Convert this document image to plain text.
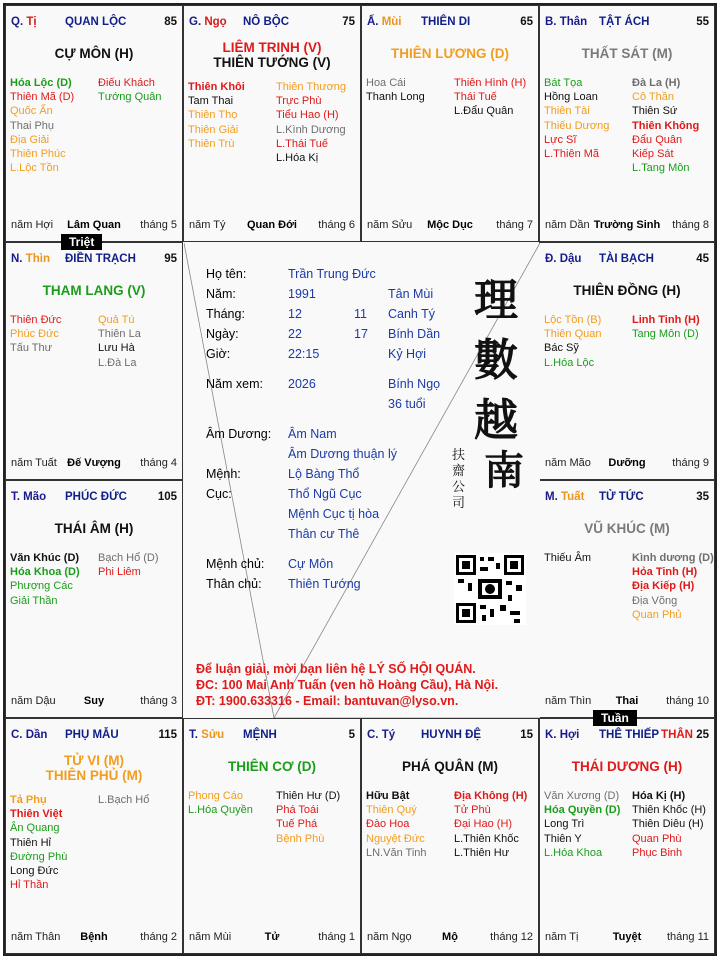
Q. Tị QUAN LỘC	85
CỰ MÔN (H)
Hóa Lộc (D)
Thiên Mã (D)
Quốc Ấn
Thai Phụ
Địa Giải
Thiên Phúc
L.Lộc Tồn
Điếu Khách
Tướng Quân
năm Hợi Lâm Quan tháng 5
G. Ngọ NÔ BỘC	75
LIÊM TRINH (V)
THIÊN TƯỚNG (V)
Thiên Khôi
Tam Thai
Thiên Thọ
Thiên Giải
Thiên Trù
Thiên Thương
Trực Phù
Tiểu Hao (H)
L.Kình Dương
L.Thái Tuế
L.Hóa Kị
năm Tý Quan Đới tháng 6
Ấ. Mùi THIÊN DI	65
THIÊN LƯƠNG (D)
Hoa Cái
Thanh Long
Thiên Hình (H)
Thái Tuế
L.Đẩu Quân
năm Sửu Mộc Dục tháng 7
B. Thân TẬT ÁCH	55
THẤT SÁT (M)
Bát Tọa
Hồng Loan
Thiên Tài
Thiếu Dương
Lực Sĩ
L.Thiên Mã
Đà La (H)
Cô Thần
Thiên Sứ
Thiên Không
Đẩu Quân
Kiếp Sát
L.Tang Môn
năm Dần Trường Sinh tháng 8
N. Thìn ĐIỀN TRẠCH 95
THAM LANG (V)
Thiên Đức
Phúc Đức
Tấu Thư
Quả Tú
Thiên La
Lưu Hà
L.Đà La
năm Tuất Đế Vượng tháng 4
T. Mão PHÚC ĐỨC	105
THÁI ÂM (H)
Văn Khúc (D)
Hóa Khoa (D)
Phượng Các
Giải Thần
Bạch Hổ (D)
Phi Liêm
năm Dậu	Suy	tháng 3
Đ. Dậu TÀI BẠCH	45
THIÊN ĐỒNG (H)
Lộc Tồn (B)
Thiên Quan
Bác Sỹ
L.Hóa Lộc
Linh Tinh (H)
Tang Môn (D)
năm Mão Dưỡng tháng 9
M. Tuất TỬ TỨC	35
VŨ KHÚC (M)
Thiếu Âm	Kình dương (D)
Hỏa Tinh (H)
Địa Kiếp (H)
Địa Võng
Quan Phủ
năm Thìn Thai	tháng 10
C. Dần PHỤ MẪU	115
TỬ VI (M)
THIÊN PHỦ (M)
Tả Phụ
Thiên Việt
Ân Quang
Thiên Hỉ
Đường Phù
Long Đức
Hỉ Thần
L.Bạch Hổ
năm Thân Bệnh	tháng 2
T. Sửu MỆNH	5
THIÊN CƠ (D)
Phong Cáo
L.Hóa Quyền
Thiên Hư (D)
Phá Toái
Tuế Phá
Bệnh Phù
năm Mùi	Tử	tháng 1
C. Tý HUYNH ĐỆ	15
PHÁ QUÂN (M)
Hữu Bật
Thiên Quý
Đào Hoa
Nguyệt Đức
LN.Văn Tinh
Địa Không (H)
Tử Phù
Đại Hao (H)
L.Thiên Khốc
L.Thiên Hư
năm Ngọ	Mộ	tháng 12
K. Hợi THÊ THIẾP	25
THÂN
THÁI DƯƠNG (H)
Văn Xương (D)
Hóa Quyền (D)
Long Trì
Thiên Y
L.Hóa Khoa
Hóa Kị (H)
Thiên Khốc (H)
Thiên Diêu (H)
Quan Phù
Phục Binh
năm Tị	Tuyệt tháng 11
Họ tên:	Trần Trung Đức
Năm:	1991	Tân Mùi
Tháng:	12	11 Canh Tý
Ngày:	22	17 Bính Dần
Giờ:	22:15	Kỷ Hợi
Năm xem: 2026	Bính Ngọ
36 tuổi
Âm Dương: Âm Nam
Âm Dương thuận lý
Mệnh:	Lộ Bàng Thổ
Cục:	Thổ Ngũ Cục
Mệnh Cục tị hòa
Thân cư Thê
Mệnh chủ: Cự Môn
Thân chủ: Thiên Tướng
理
數
越
南
扶 齋 公 司
Để luận giải, mời bạn liên hệ LÝ SỐ HỘI QUÁN.
ĐC: 100 Mai Anh Tuấn (ven hồ Hoàng Cầu), Hà Nội.
ĐT: 1900.633316 - Email: bantuvan@lyso.vn.
Triệt
Tuần
